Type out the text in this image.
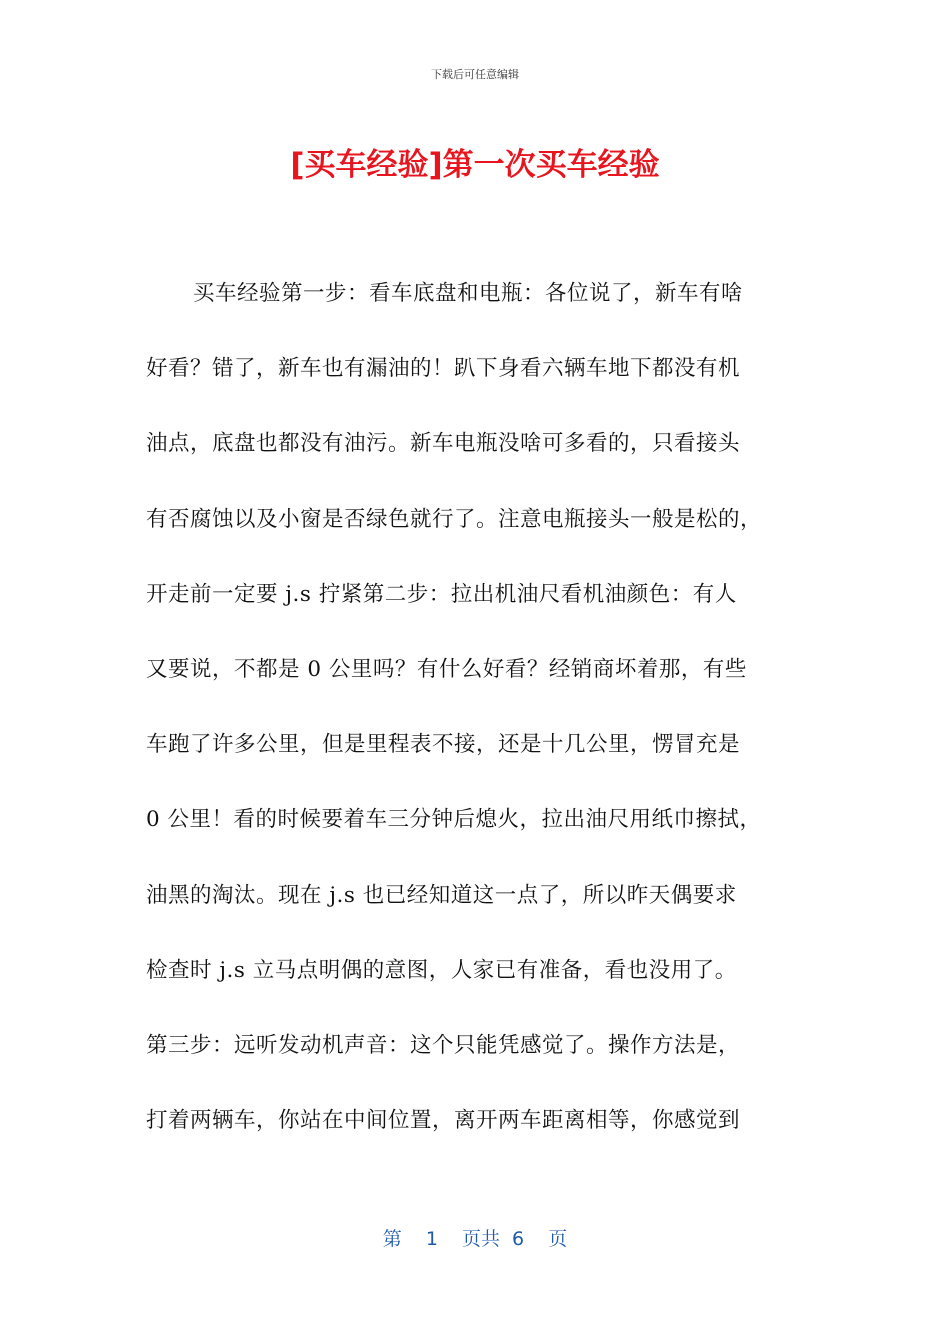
下载后可任意编辑
[买车经验]第一次买车经验
买车经验第一步：看车底盘和电瓶：各位说了，新车有啥
好看？错了，新车也有漏油的！趴下身看六辆车地下都没有机
油点，底盘也都没有油污。新车电瓶没啥可多看的，只看接头
有否腐蚀以及小窗是否绿色就行了。注意电瓶接头一般是松的，
开走前一定要 j.s 拧紧第二步：拉出机油尺看机油颜色：有人
又要说，不都是 0 公里吗？有什么好看？经销商坏着那，有些
车跑了许多公里，但是里程表不接，还是十几公里，愣冒充是
0 公里！看的时候要着车三分钟后熄火，拉出油尺用纸巾擦拭，
油黑的淘汰。现在 j.s 也已经知道这一点了，所以昨天偶要求
检查时 j.s 立马点明偶的意图，人家已有准备，看也没用了。
第三步：远听发动机声音：这个只能凭感觉了。操作方法是，
打着两辆车，你站在中间位置，离开两车距离相等，你感觉到
第  1  页共 6  页
